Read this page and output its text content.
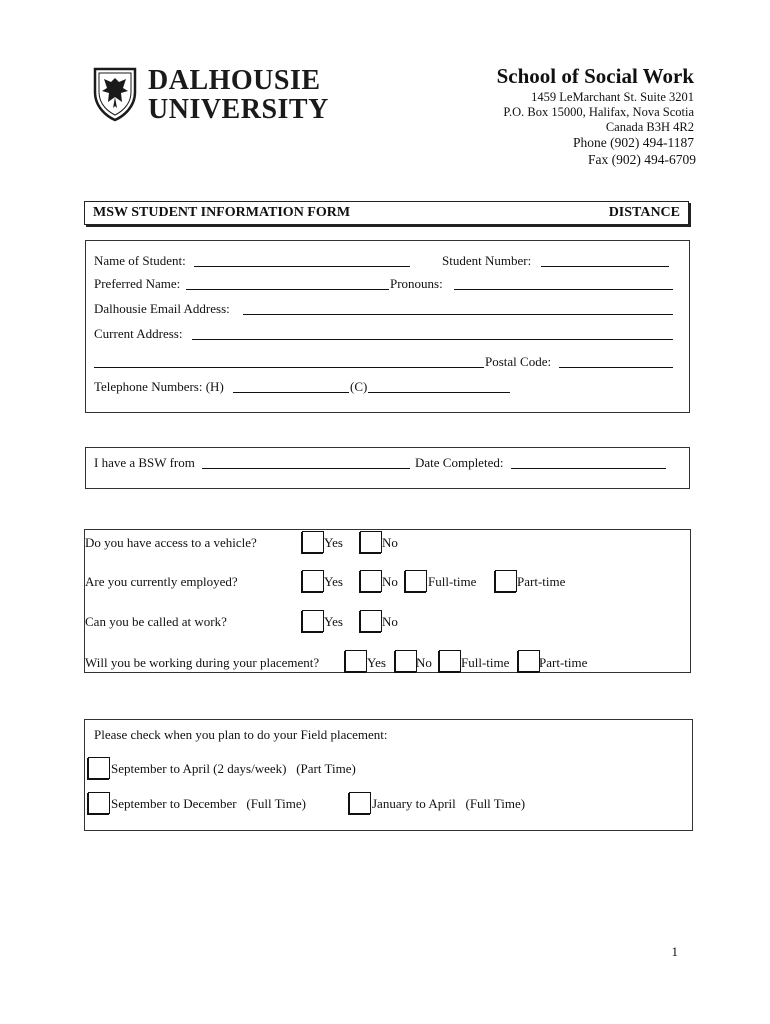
DALHOUSIE
UNIVERSITY
School of Social Work
1459 LeMarchant St. Suite 3201
P.O. Box 15000, Halifax, Nova Scotia
Canada B3H 4R2
Phone (902) 494-1187
Fax (902) 494-6709
MSW STUDENT INFORMATION FORM	DISTANCE
Name of Student:	Student Number:
Preferred Name:	Pronouns:
Dalhousie Email Address:
Current Address:
Postal Code:
Telephone Numbers: (H)	(C)
I have a BSW from	Date Completed:
Do you have access to a vehicle?	Yes	No
Are you currently employed?	Yes	No Full-time	Part-time
Can you be called at work?	Yes	No
Will you be working during your placement?	Yes No Full-time Part-time
Please check when you plan to do your Field placement:
September to April (2 days/week)   (Part Time)
September to December   (Full Time)	January to April   (Full Time)
1
